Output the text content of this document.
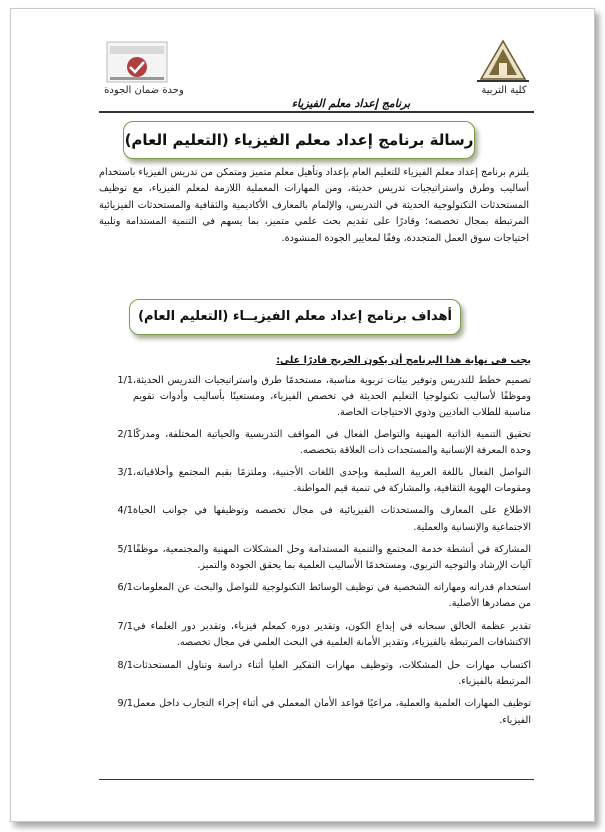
وحدة ضمان الجودة	كلية التربية
برنامج إعداد معلم الفيزياء
رسالة برنامج إعداد معلم الفيزياء (التعليم العام)
يلتزم برنامج إعداد معلم الفيزياء للتعليم العام بإعداد وتأهيل معلم متميز ومتمكن من تدريس الفيزياء باستخدام أساليب وطرق واستراتيجيات تدريس حديثة، ومن المهارات المعملية اللازمة لمعلم الفيزياء، مع توظيف المستحدثات التكنولوجية الحديثة في التدريس، والإلمام بالمعارف الأكاديمية والثقافية والمستحدثات الفيزيائية المرتبطة بمجال تخصصه؛ وقادرًا على تقديم بحث علمي متميز، بما يسهم في التنمية المستدامة وتلبية احتياجات سوق العمل المتجددة، وفقًا لمعايير الجودة المنشودة.
أهداف برنامج إعداد معلم الفيزيــاء (التعليم العام)
يجب في نهاية هذا البرنامج أن يكون الخريج قادرًا على:
تصميم خطط للتدريس وتوفير بيئات تربوية مناسبة، مستخدمًا طرق واستراتيجيات التدريس الحديثة، وموظفًا لأساليب تكنولوجيا التعليم الحديثة في تخصص الفيزياء، ومستعينًا بأساليب وأدوات تقويم مناسبة للطلاب العاديين وذوي الاحتياجات الخاصة.
1/1
تحقيق التنمية الذاتية المهنية والتواصل الفعال في المواقف التدريسية والحياتية المختلفة، ومدركًا وحدة المعرفة الإنسانية والمستجدات ذات العلاقة بتخصصه.
2/1
التواصل الفعال باللغة العربية السليمة وبإحدى اللغات الأجنبية، وملتزمًا بقيم المجتمع وأخلاقياته، ومقومات الهوية الثقافية، والمشاركة في تنمية قيم المواطنة.
3/1
الاطلاع على المعارف والمستحدثات الفيزيائية في مجال تخصصه وتوظيفها في جوانب الحياة الاجتماعية والإنسانية والعملية.
4/1
المشاركة في أنشطة خدمة المجتمع والتنمية المستدامة وحل المشكلات المهنية والمجتمعية، موظفًا آليات الإرشاد والتوجيه التربوي، ومستخدمًا الأساليب العلمية بما يحقق الجودة والتميز.
5/1
استخدام قدراته ومهاراته الشخصية في توظيف الوسائط التكنولوجية للتواصل والبحث عن المعلومات من مصادرها الأصلية.
6/1
تقدير عظمة الخالق سبحانه في إبداع الكون، وتقدير دوره كمعلم فيزياء، وتقدير دور العلماء في الاكتشافات المرتبطة بالفيزياء، وتقدير الأمانة العلمية في البحث العلمي في مجال تخصصه.
7/1
اكتساب مهارات حل المشكلات، وتوظيف مهارات التفكير العليا أثناء دراسة وتناول المستحدثات المرتبطة بالفيزياء.
8/1
توظيف المهارات العلمية والعملية، مراعيًا قواعد الأمان المعملي في أثناء إجراء التجارب داخل معمل الفيزياء.
9/1
